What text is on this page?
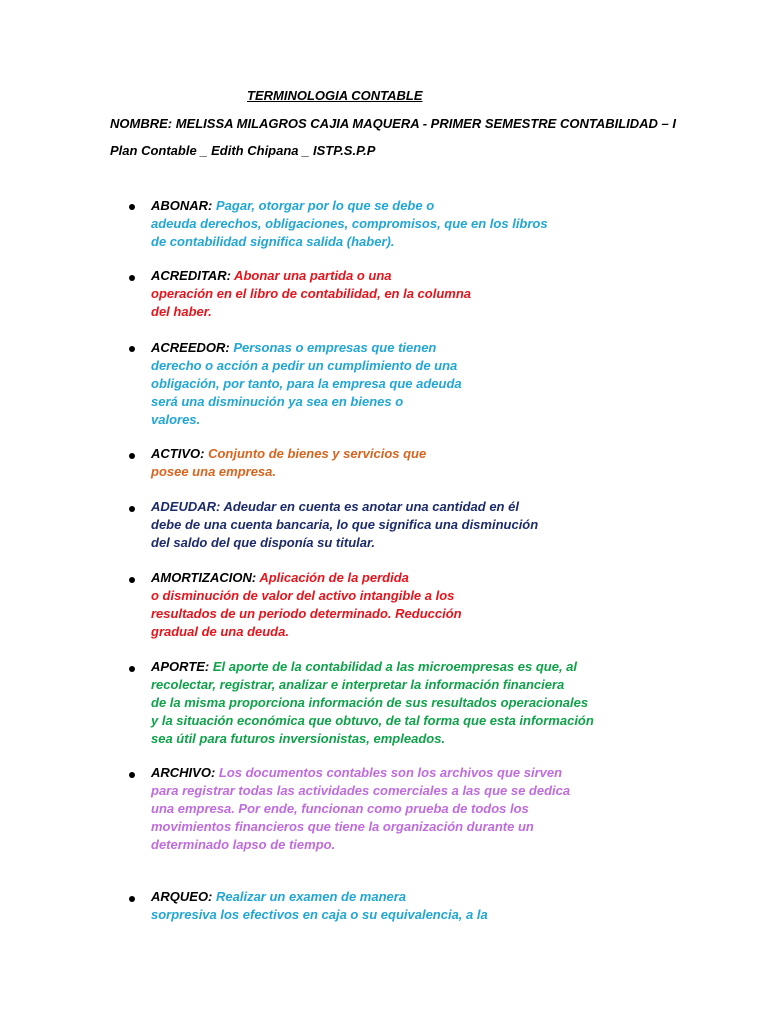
TERMINOLOGIA CONTABLE
NOMBRE: MELISSA MILAGROS CAJIA MAQUERA - PRIMER SEMESTRE CONTABILIDAD – I
Plan Contable _ Edith Chipana _ ISTP.S.P.P
ABONAR: Pagar, otorgar por lo que se debe o
adeuda derechos, obligaciones, compromisos, que en los libros
de contabilidad significa salida (haber).
ACREDITAR: Abonar una partida o una
operación en el libro de contabilidad, en la columna
del haber.
ACREEDOR: Personas o empresas que tienen
derecho o acción a pedir un cumplimiento de una
obligación, por tanto, para la empresa que adeuda
será una disminución ya sea en bienes o
valores.
ACTIVO: Conjunto de bienes y servicios que
posee una empresa.
ADEUDAR: Adeudar en cuenta es anotar una cantidad en él
debe de una cuenta bancaria, lo que significa una disminución
del saldo del que disponía su titular.
AMORTIZACION: Aplicación de la perdida
o disminución de valor del activo intangible a los
resultados de un periodo determinado. Reducción
gradual de una deuda.
APORTE: El aporte de la contabilidad a las microempresas es que, al
recolectar, registrar, analizar e interpretar la información financiera
de la misma proporciona información de sus resultados operacionales
y la situación económica que obtuvo, de tal forma que esta información
sea útil para futuros inversionistas, empleados.
ARCHIVO: Los documentos contables son los archivos que sirven
para registrar todas las actividades comerciales a las que se dedica
una empresa. Por ende, funcionan como prueba de todos los
movimientos financieros que tiene la organización durante un
determinado lapso de tiempo.
ARQUEO: Realizar un examen de manera
sorpresiva los efectivos en caja o su equivalencia, a la
